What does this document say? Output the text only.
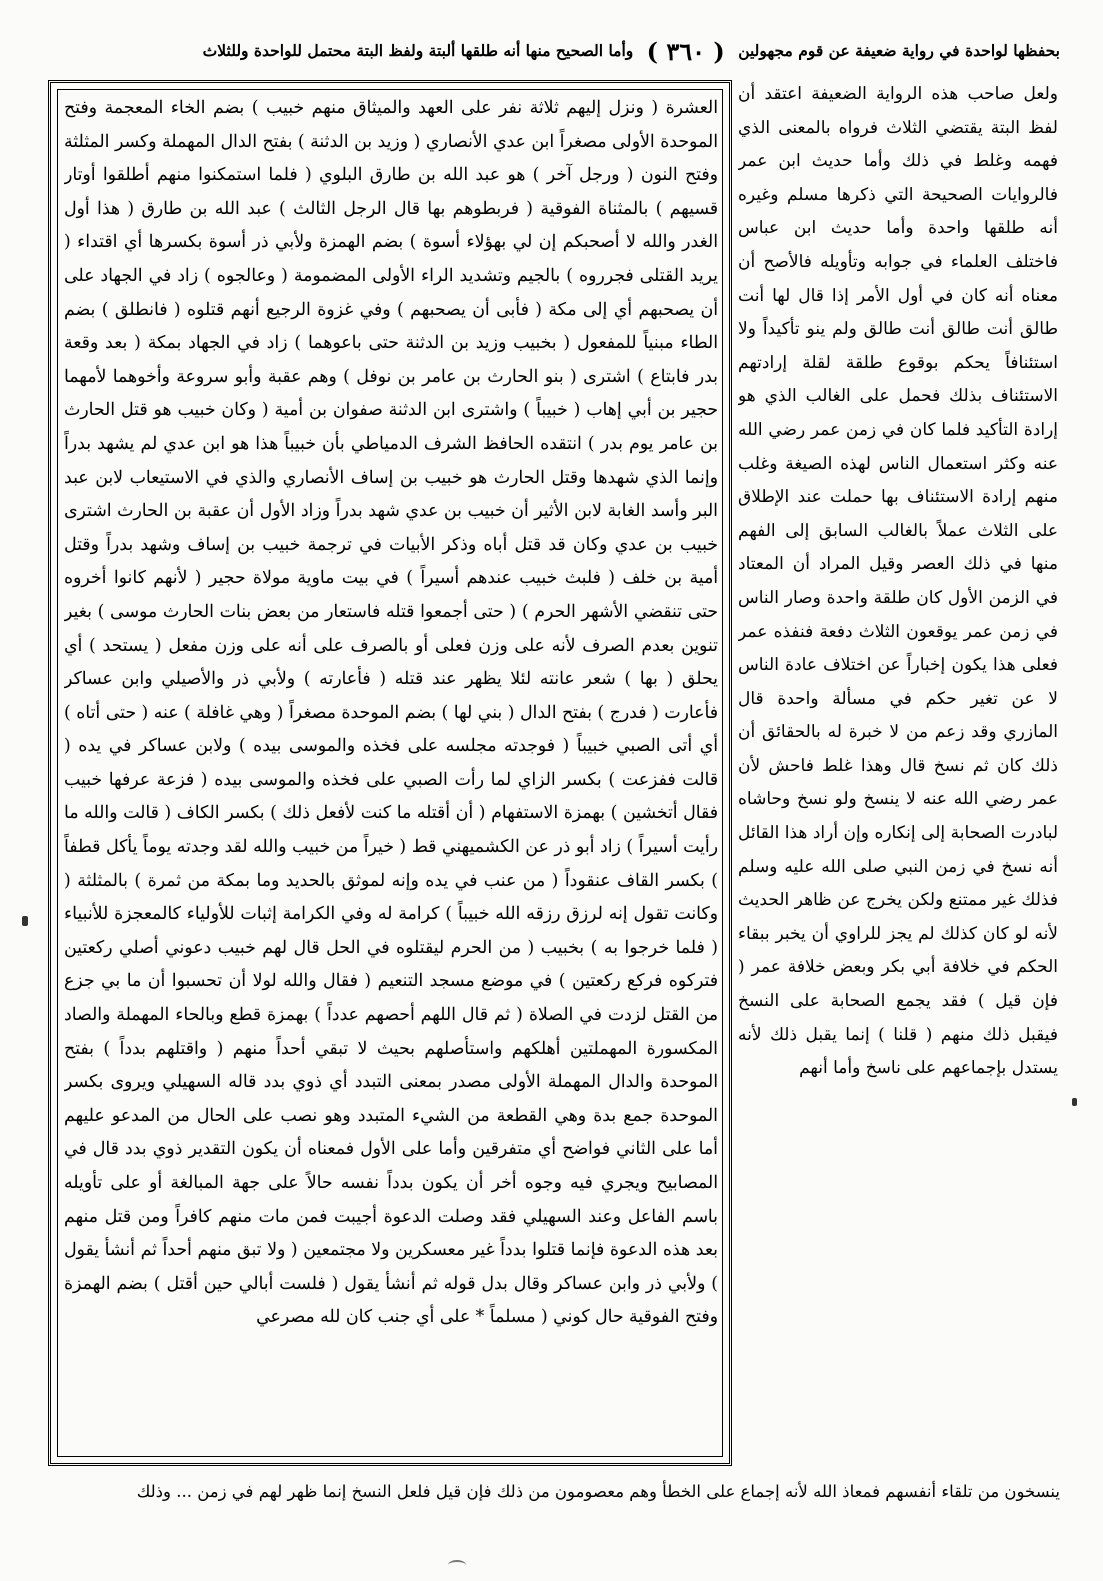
بحفظها لواحدة في رواية ضعيفة عن قوم مجهولين ( ٣٦٠ ) وأما الصحيح منها أنه طلقها ألبتة ولفظ البتة محتمل للواحدة وللثلاث

العشرة ( ونزل إليهم ثلاثة نفر على العهد والميثاق منهم خبيب ) بضم الخاء المعجمة وفتح الموحدة الأولى مصغراً ابن عدي الأنصاري ( وزيد بن الدثنة ) بفتح الدال المهملة وكسر المثلثة وفتح النون ( ورجل آخر ) هو عبد الله بن طارق البلوي ( فلما استمكنوا منهم أطلقوا أوتار قسيهم ) بالمثناة الفوقية ( فربطوهم بها قال الرجل الثالث ) عبد الله بن طارق ( هذا أول الغدر والله لا أصحبكم إن لي بهؤلاء أسوة ) بضم الهمزة ولأبي ذر أسوة بكسرها أي اقتداء ( يريد القتلى فجرروه ) بالجيم وتشديد الراء الأولى المضمومة ( وعالجوه ) زاد في الجهاد على أن يصحبهم أي إلى مكة ( فأبى أن يصحبهم ) وفي غزوة الرجيع أنهم قتلوه ( فانطلق ) بضم الطاء مبنياً للمفعول ( بخبيب وزيد بن الدثنة حتى باعوهما ) زاد في الجهاد بمكة ( بعد وقعة بدر فابتاع ) اشترى ( بنو الحارث بن عامر بن نوفل ) وهم عقبة وأبو سروعة وأخوهما لأمهما حجير بن أبي إهاب ( خبيباً ) واشترى ابن الدثنة صفوان بن أمية ( وكان خبيب هو قتل الحارث بن عامر يوم بدر ) انتقده الحافظ الشرف الدمياطي بأن خبيباً هذا هو ابن عدي لم يشهد بدراً وإنما الذي شهدها وقتل الحارث هو خبيب بن إساف الأنصاري والذي في الاستيعاب لابن عبد البر وأسد الغابة لابن الأثير أن خبيب بن عدي شهد بدراً وزاد الأول أن عقبة بن الحارث اشترى خبيب بن عدي وكان قد قتل أباه وذكر الأبيات في ترجمة خبيب بن إساف وشهد بدراً وقتل أمية بن خلف ( فلبث خبيب عندهم أسيراً ) في بيت ماوية مولاة حجير ( لأنهم كانوا أخروه حتى تنقضي الأشهر الحرم ) ( حتى أجمعوا قتله فاستعار من بعض بنات الحارث موسى ) بغير تنوين بعدم الصرف لأنه على وزن فعلى أو بالصرف على أنه على وزن مفعل ( يستحد ) أي يحلق ( بها ) شعر عانته لئلا يظهر عند قتله ( فأعارته ) ولأبي ذر والأصيلي وابن عساكر فأعارت ( فدرج ) بفتح الدال ( بني لها ) بضم الموحدة مصغراً ( وهي غافلة ) عنه ( حتى أتاه ) أي أتى الصبي خبيباً ( فوجدته مجلسه على فخذه والموسى بيده ) ولابن عساكر في يده ( قالت ففزعت ) بكسر الزاي لما رأت الصبي على فخذه والموسى بيده ( فزعة عرفها خبيب فقال أتخشين ) بهمزة الاستفهام ( أن أقتله ما كنت لأفعل ذلك ) بكسر الكاف ( قالت والله ما رأيت أسيراً ) زاد أبو ذر عن الكشميهني قط ( خيراً من خبيب والله لقد وجدته يوماً يأكل قطفاً ) بكسر القاف عنقوداً ( من عنب في يده وإنه لموثق بالحديد وما بمكة من ثمرة ) بالمثلثة ( وكانت تقول إنه لرزق رزقه الله خبيباً ) كرامة له وفي الكرامة إثبات للأولياء كالمعجزة للأنبياء ( فلما خرجوا به ) بخبيب ( من الحرم ليقتلوه في الحل قال لهم خبيب دعوني أصلي ركعتين فتركوه فركع ركعتين ) في موضع مسجد التنعيم ( فقال والله لولا أن تحسبوا أن ما بي جزع من القتل لزدت في الصلاة ( ثم قال اللهم أحصهم عدداً ) بهمزة قطع وبالحاء المهملة والصاد المكسورة المهملتين أهلكهم واستأصلهم بحيث لا تبقي أحداً منهم ( واقتلهم بدداً ) بفتح الموحدة والدال المهملة الأولى مصدر بمعنى التبدد أي ذوي بدد قاله السهيلي ويروى بكسر الموحدة جمع بدة وهي القطعة من الشيء المتبدد وهو نصب على الحال من المدعو عليهم أما على الثاني فواضح أي متفرقين وأما على الأول فمعناه أن يكون التقدير ذوي بدد قال في المصابيح ويجري فيه وجوه أخر أن يكون بدداً نفسه حالاً على جهة المبالغة أو على تأويله باسم الفاعل وعند السهيلي فقد وصلت الدعوة أجيبت فمن مات منهم كافراً ومن قتل منهم بعد هذه الدعوة فإنما قتلوا بدداً غير معسكرين ولا مجتمعين ( ولا تبق منهم أحداً ثم أنشأ يقول ) ولأبي ذر وابن عساكر وقال بدل قوله ثم أنشأ يقول ( فلست أبالي حين أقتل ) بضم الهمزة وفتح الفوقية حال كوني ( مسلماً * على أي جنب كان لله مصرعي

ولعل صاحب هذه الرواية الضعيفة اعتقد أن لفظ البتة يقتضي الثلاث فرواه بالمعنى الذي فهمه وغلط في ذلك وأما حديث ابن عمر فالروايات الصحيحة التي ذكرها مسلم وغيره أنه طلقها واحدة وأما حديث ابن عباس فاختلف العلماء في جوابه وتأويله فالأصح أن معناه أنه كان في أول الأمر إذا قال لها أنت طالق أنت طالق أنت طالق ولم ينو تأكيداً ولا استئنافاً يحكم بوقوع طلقة لقلة إرادتهم الاستئناف بذلك فحمل على الغالب الذي هو إرادة التأكيد فلما كان في زمن عمر رضي الله عنه وكثر استعمال الناس لهذه الصيغة وغلب منهم إرادة الاستئناف بها حملت عند الإطلاق على الثلاث عملاً بالغالب السابق إلى الفهم منها في ذلك العصر وقيل المراد أن المعتاد في الزمن الأول كان طلقة واحدة وصار الناس في زمن عمر يوقعون الثلاث دفعة فنفذه عمر فعلى هذا يكون إخباراً عن اختلاف عادة الناس لا عن تغير حكم في مسألة واحدة قال المازري وقد زعم من لا خبرة له بالحقائق أن ذلك كان ثم نسخ قال وهذا غلط فاحش لأن عمر رضي الله عنه لا ينسخ ولو نسخ وحاشاه لبادرت الصحابة إلى إنكاره وإن أراد هذا القائل أنه نسخ في زمن النبي صلى الله عليه وسلم فذلك غير ممتنع ولكن يخرج عن ظاهر الحديث لأنه لو كان كذلك لم يجز للراوي أن يخبر ببقاء الحكم في خلافة أبي بكر وبعض خلافة عمر ( فإن قيل ) فقد يجمع الصحابة على النسخ فيقبل ذلك منهم ( قلنا ) إنما يقبل ذلك لأنه يستدل بإجماعهم على ناسخ وأما أنهم

ينسخون من تلقاء أنفسهم فمعاذ الله لأنه إجماع على الخطأ وهم معصومون من ذلك فإن قيل فلعل النسخ إنما ظهر لهم في زمن ... وذلك
